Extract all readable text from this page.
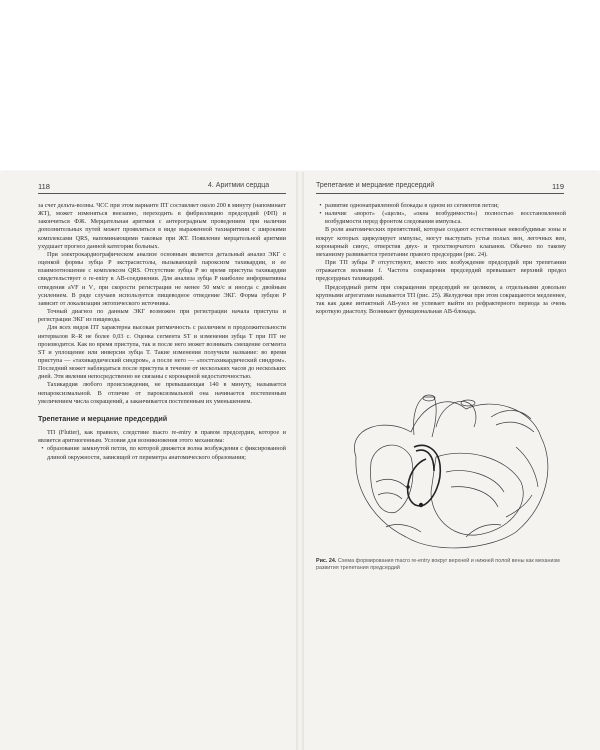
118	4. Аритмии сердца

за счет дельта-волны. ЧСС при этом варианте ПТ составляет около 200 в минуту (напоминает ЖТ), может изменяться внезапно, переходить в фибрилляцию предсердий (ФП) и закончиться ФЖ. Мерцательная аритмия с антероградным проведением при наличии дополнительных путей может проявляться в виде выраженной тахиаритмии с широкими комплексами QRS, напоминающими таковые при ЖТ. Появление мерцательной аритмии ухудшает прогноз данной категории больных.

При электрокардиографическом анализе основным является детальный анализ ЭКГ с оценкой формы зубца P экстрасистолы, вызывающей пароксизм тахикардии, и ее взаимоотношение с комплексом QRS. Отсутствие зубца P во время приступа тахикардии свидетельствует о re-entry в АВ-соединении. Для анализа зубца P наиболее информативны отведения aVF и V₁ при скорости регистрации не менее 50 мм/с и иногда с двойным усилением. В ряде случаев используется пищеводное отведение ЭКГ. Форма зубцов P зависит от локализации эктопического источника.

Точный диагноз по данным ЭКГ возможен при регистрации начала приступа и регистрации ЭКГ из пищевода.

Для всех видов ПТ характерна высокая ритмичность с различием в продолжительности интервалов R–R не более 0,03 с. Оценка сегмента ST и изменения зубца T при ПТ не производится. Как во время приступа, так и после него может возникать смещение сегмента ST и уплощение или инверсия зубца T. Такие изменения получили название: во время приступа — «тахикардический синдром», а после него — «посттахикардический синдром». Последний может наблюдаться после приступа в течение от нескольких часов до нескольких дней. Эти явления непосредственно не связаны с коронарной недостаточностью.

Тахикардия любого происхождения, не превышающая 140 в минуту, называется непароксизмальной. В отличие от пароксизмальной она начинается постепенным увеличением числа сокращений, а заканчивается постепенным их уменьшением.

Трепетание и мерцание предсердий

ТП (Flutter), как правило, следствие macro re-entry в правом предсердии, которое и является аритмогенным. Условия для возникновения этого механизма:

• образование замкнутой петли, по которой движется волна возбуждения с фиксированной длиной окружности, зависящей от периметра анатомического образования;
Трепетание и мерцание предсердий	119
• развитие однонаправленной блокады в одном из сегментов петли;
• наличие «ворот» («щели», «окна возбудимости») полностью восстановленной возбудимости перед фронтом следования импульса.

В роли анатомических препятствий, которые создают естественные невозбудимые зоны и вокруг которых циркулирует импульс, могут выступать устья полых вен, легочных вен, коронарный синус, отверстия двух- и трехстворчатого клапанов. Обычно по такому механизму развивается трепетание правого предсердия (рис. 24).

При ТП зубцы P отсутствуют, вместо них возбуждение предсердий при трепетании отражается волнами f. Частота сокращения предсердий превышает верхний предел предсердных тахикардий.

Предсердный ритм при сокращении предсердий не целиком, а отдельными довольно крупными агрегатами называется ТП (рис. 25). Желудочки при этом сокращаются медленнее, так как даже интактный АВ-узел не успевает выйти из рефрактерного периода за очень короткую диастолу. Возникает функциональная АВ-блокада.

Рис. 24. Схема формирования macro re-entry вокруг верхней и нижней полой вены как механизм развития трепетания предсердий
